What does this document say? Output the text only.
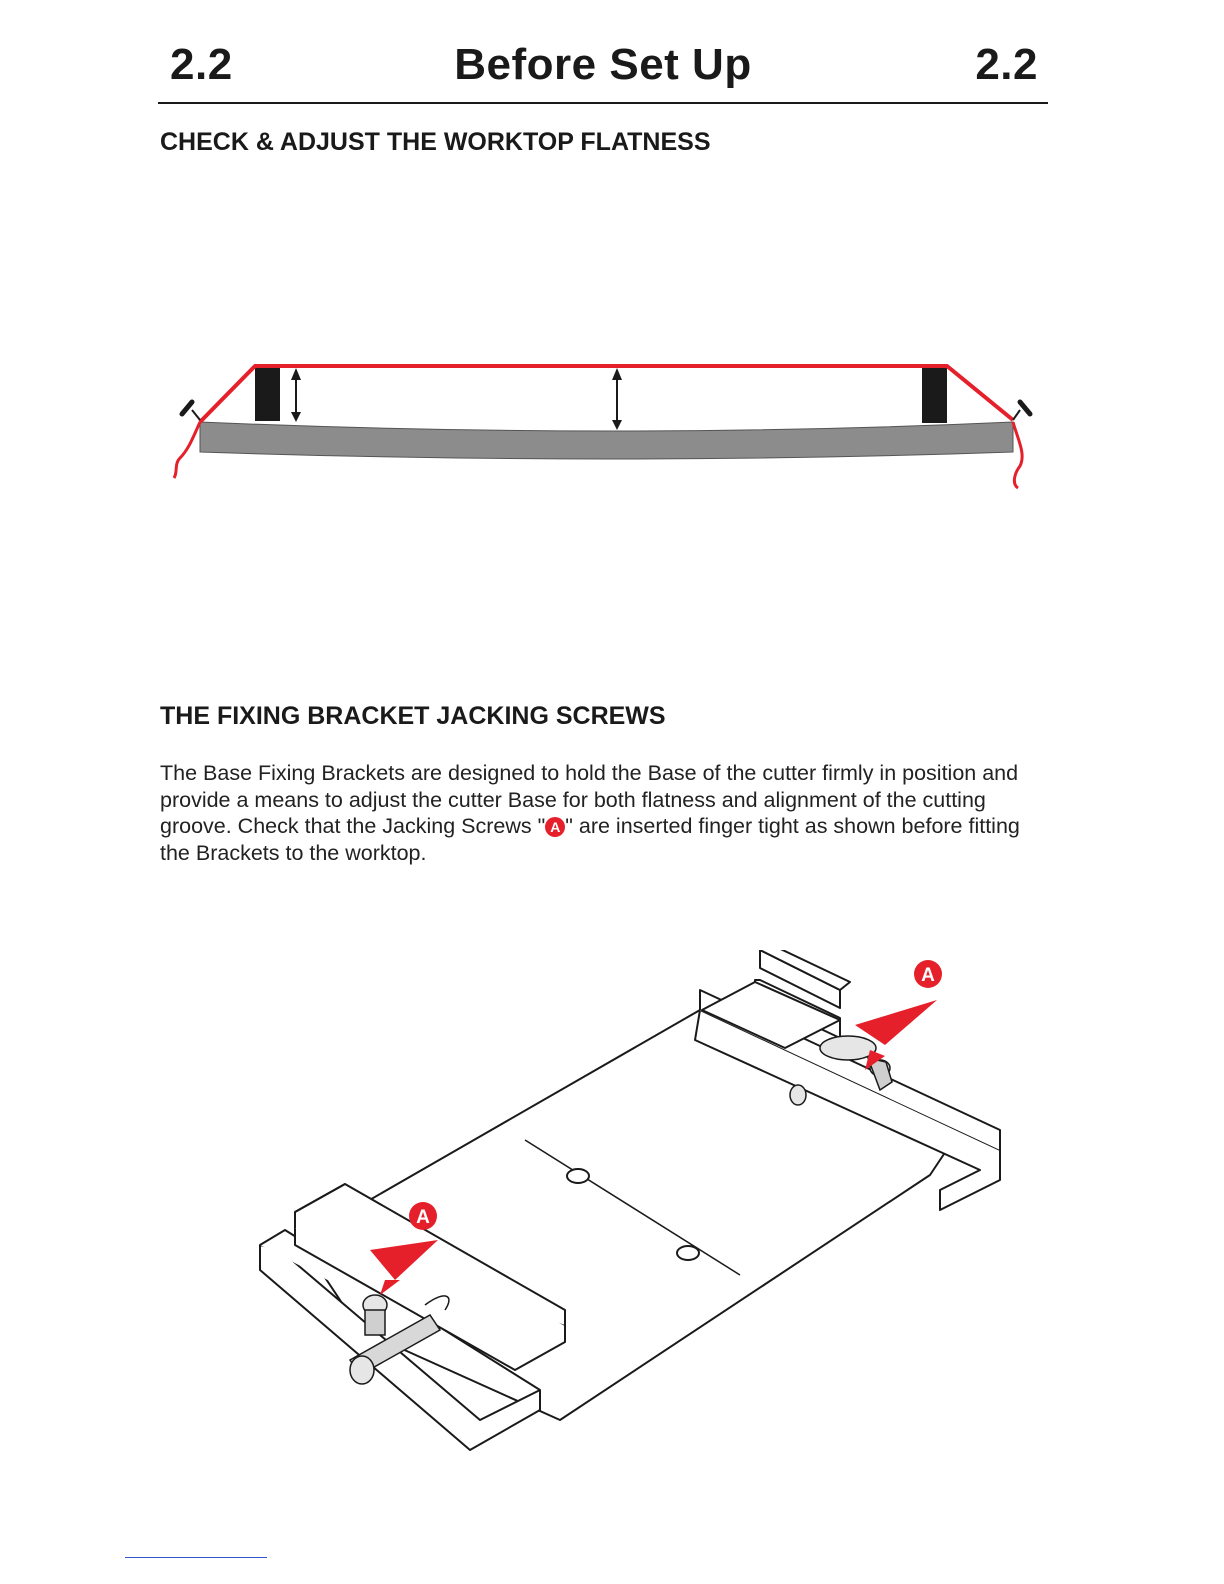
2.2	Before Set Up	2.2
CHECK & ADJUST THE WORKTOP FLATNESS
THE FIXING BRACKET JACKING SCREWS
The Base Fixing Brackets are designed to hold the Base of the cutter firmly in position and provide a means to adjust the cutter Base for both flatness and alignment of the cutting groove. Check that the Jacking Screws " A " are inserted finger tight as shown before fitting the Brackets to the worktop.
A
A
